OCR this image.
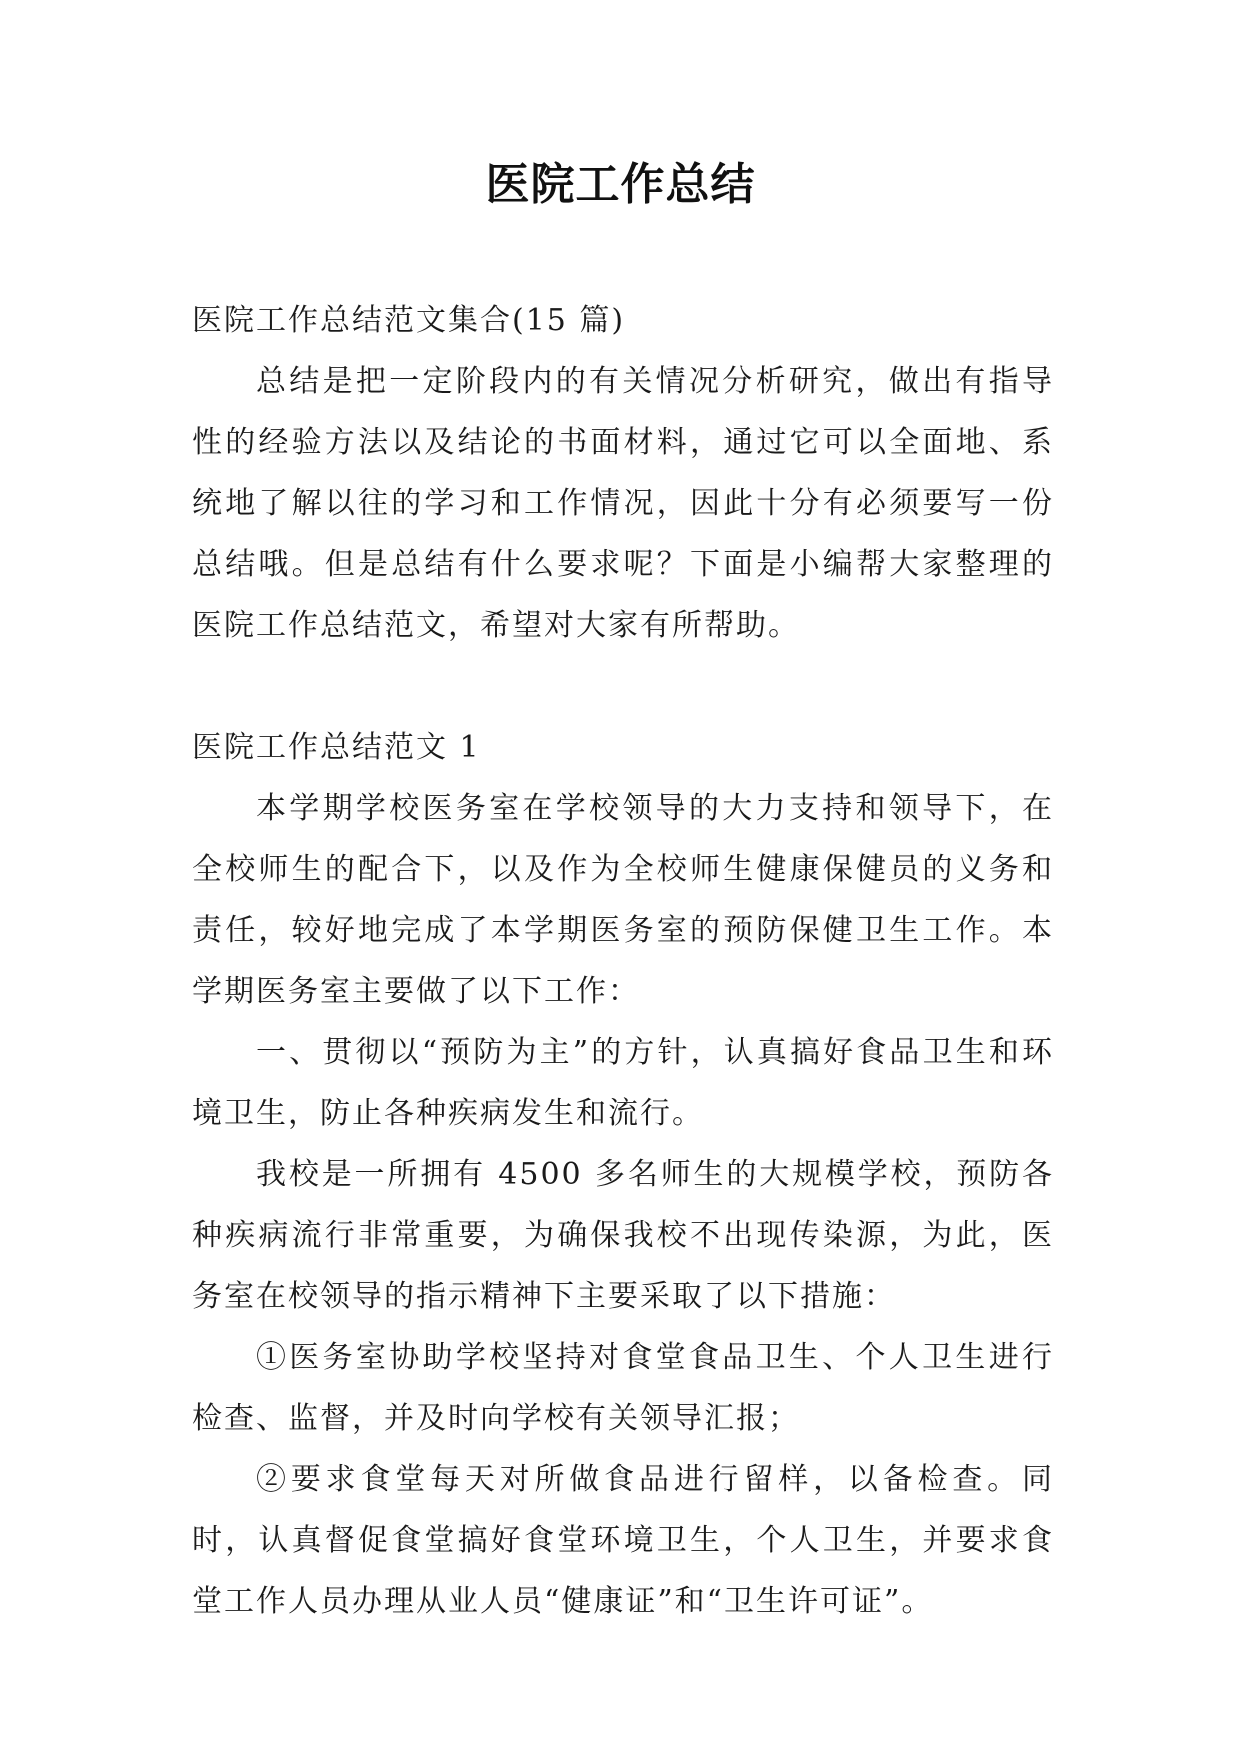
医院工作总结

医院工作总结范文集合(15 篇)

总结是把一定阶段内的有关情况分析研究，做出有指导性的经验方法以及结论的书面材料，通过它可以全面地、系统地了解以往的学习和工作情况，因此十分有必须要写一份总结哦。但是总结有什么要求呢？下面是小编帮大家整理的医院工作总结范文，希望对大家有所帮助。

医院工作总结范文 1

本学期学校医务室在学校领导的大力支持和领导下，在全校师生的配合下，以及作为全校师生健康保健员的义务和责任，较好地完成了本学期医务室的预防保健卫生工作。本学期医务室主要做了以下工作：

一、贯彻以“预防为主”的方针，认真搞好食品卫生和环境卫生，防止各种疾病发生和流行。

我校是一所拥有 4500 多名师生的大规模学校，预防各种疾病流行非常重要，为确保我校不出现传染源，为此，医务室在校领导的指示精神下主要采取了以下措施：

①医务室协助学校坚持对食堂食品卫生、个人卫生进行检查、监督，并及时向学校有关领导汇报；

②要求食堂每天对所做食品进行留样，以备检查。同时，认真督促食堂搞好食堂环境卫生，个人卫生，并要求食堂工作人员办理从业人员“健康证”和“卫生许可证”。
